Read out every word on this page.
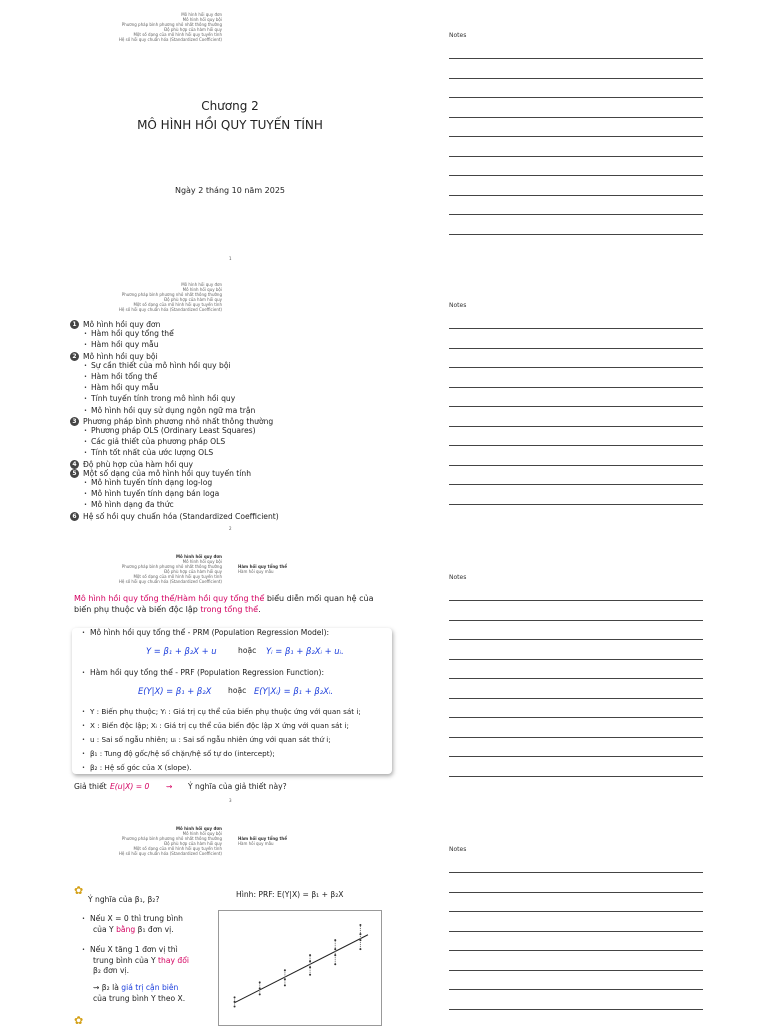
Mô hình hồi quy đơn
Mô hình hồi quy bội
Phương pháp bình phương nhỏ nhất thông thường
Độ phù hợp của hàm hồi quy
Một số dạng của mô hình hồi quy tuyến tính
Hệ số hồi quy chuẩn hóa (Standardized Coefficient)
Chương 2
MÔ HÌNH HỒI QUY TUYẾN TÍNH
Ngày 2 tháng 10 năm 2025
1
Notes
Mô hình hồi quy đơn
Mô hình hồi quy bội
Phương pháp bình phương nhỏ nhất thông thường
Độ phù hợp của hàm hồi quy
Một số dạng của mô hình hồi quy tuyến tính
Hệ số hồi quy chuẩn hóa (Standardized Coefficient)
1 Mô hình hồi quy đơn
• Hàm hồi quy tổng thể
• Hàm hồi quy mẫu
2 Mô hình hồi quy bội
• Sự cần thiết của mô hình hồi quy bội
• Hàm hồi tổng thể
• Hàm hồi quy mẫu
• Tính tuyến tính trong mô hình hồi quy
• Mô hình hồi quy sử dụng ngôn ngữ ma trận
3 Phương pháp bình phương nhỏ nhất thông thường
• Phương pháp OLS (Ordinary Least Squares)
• Các giả thiết của phương pháp OLS
• Tính tốt nhất của ước lượng OLS
4 Độ phù hợp của hàm hồi quy
5 Một số dạng của mô hình hồi quy tuyến tính
• Mô hình tuyến tính dạng log-log
• Mô hình tuyến tính dạng bán loga
• Mô hình dạng đa thức
6 Hệ số hồi quy chuẩn hóa (Standardized Coefficient)
2
Notes
Mô hình hồi quy đơn
Mô hình hồi quy bội
Phương pháp bình phương nhỏ nhất thông thường
Độ phù hợp của hàm hồi quy
Một số dạng của mô hình hồi quy tuyến tính
Hệ số hồi quy chuẩn hóa (Standardized Coefficient)
Hàm hồi quy tổng thể
Hàm hồi quy mẫu
Mô hình hồi quy tổng thể/Hàm hồi quy tổng thể biểu diễn mối quan hệ của biến phụ thuộc và biến độc lập trong tổng thể.
• Mô hình hồi quy tổng thể - PRM (Population Regression Model):
Y = β₁ + β₂X + u	hoặc Yᵢ = β₁ + β₂Xᵢ + uᵢ.
• Hàm hồi quy tổng thể - PRF (Population Regression Function):
E(Y|X) = β₁ + β₂X hoặc E(Y|Xᵢ) = β₁ + β₂Xᵢ.
• Y : Biến phụ thuộc; Yᵢ : Giá trị cụ thể của biến phụ thuộc ứng với quan sát i;
• X : Biến độc lập; Xᵢ : Giá trị cụ thể của biến độc lập X ứng với quan sát i;
• u : Sai số ngẫu nhiên; uᵢ : Sai số ngẫu nhiên ứng với quan sát thứ i;
• β₁ : Tung độ gốc/hệ số chặn/hệ số tự do (intercept);
• β₂ : Hệ số góc của X (slope).
Giả thiết E(u|X) = 0 ⇝ Ý nghĩa của giả thiết này?
3
Notes
Mô hình hồi quy đơn
Mô hình hồi quy bội
Phương pháp bình phương nhỏ nhất thông thường
Độ phù hợp của hàm hồi quy
Một số dạng của mô hình hồi quy tuyến tính
Hệ số hồi quy chuẩn hóa (Standardized Coefficient)
Hàm hồi quy tổng thể
Hàm hồi quy mẫu
✿
Ý nghĩa của β₁, β₂?
• Nếu X = 0 thì trung bình
của Y bằng β₁ đơn vị.
• Nếu X tăng 1 đơn vị thì
trung bình của Y thay đổi
β₂ đơn vị.
⇝ β₂ là giá trị cận biên
của trung bình Y theo X.
✿
Hình: PRF: E(Y|X) = β₁ + β₂X
Notes
